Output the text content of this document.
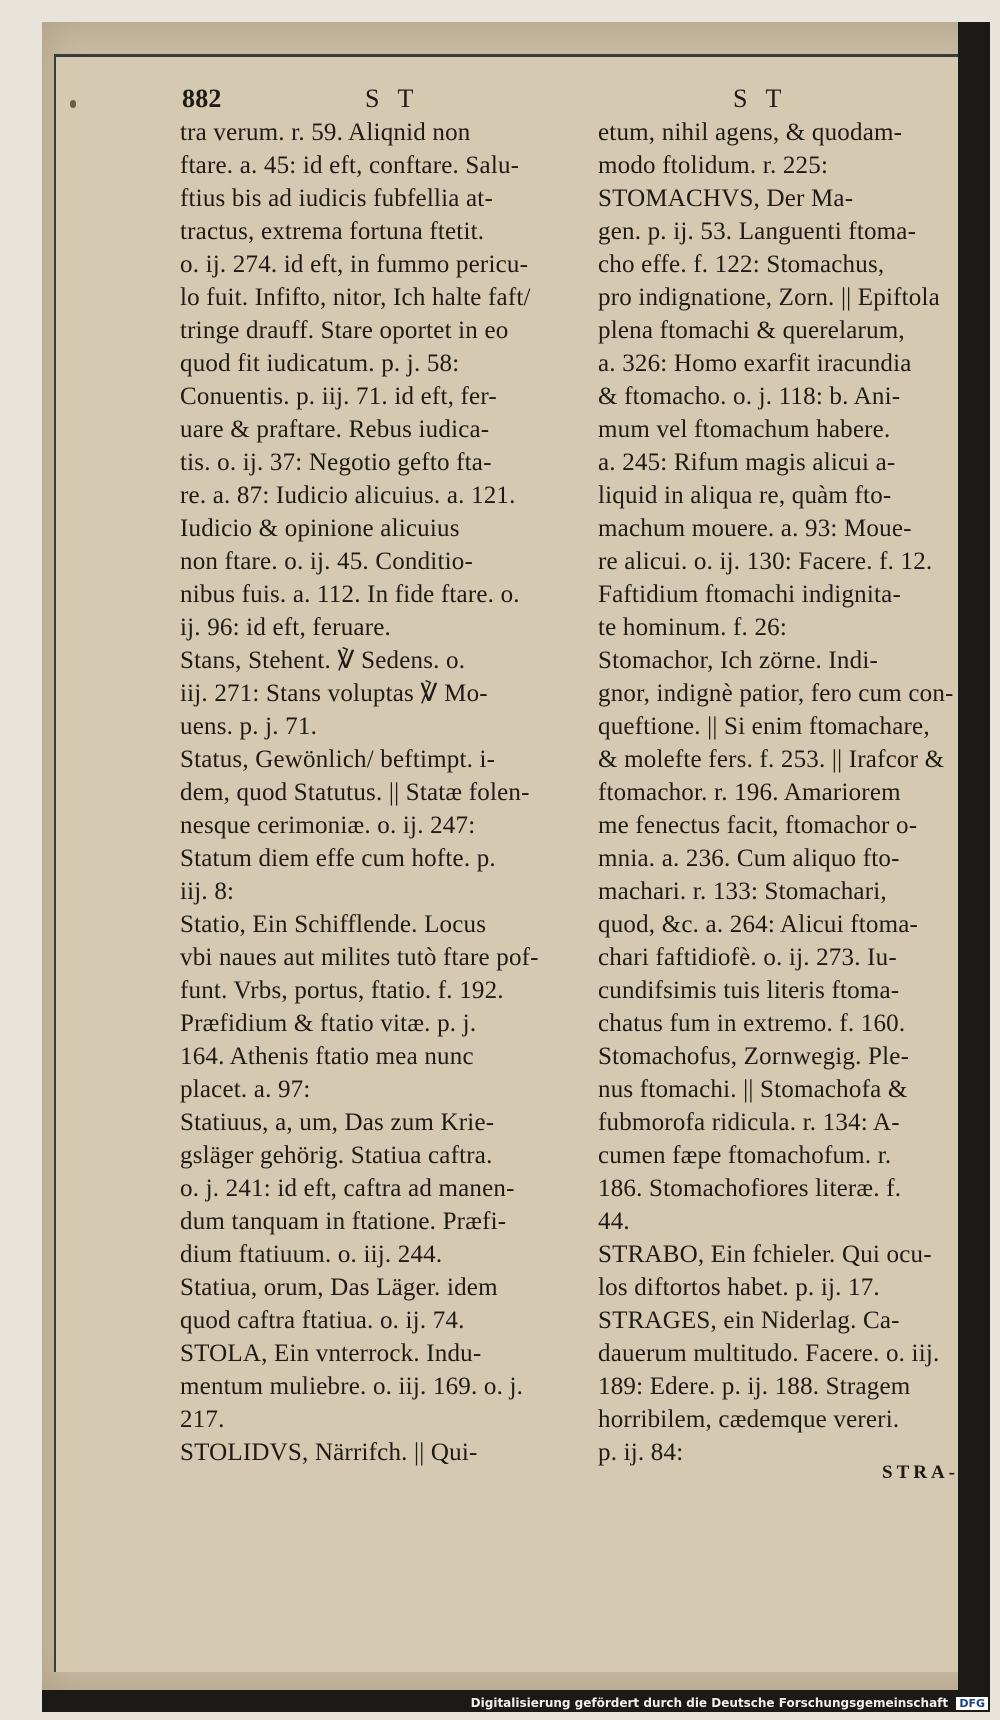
882	S T	S T
tra verum. r. 59. Aliqnid non
ftare. a. 45: id eft, conftare. Salu-
ftius bis ad iudicis fubfellia at-
tractus, extrema fortuna ftetit.
o. ij. 274. id eft, in fummo pericu-
lo fuit. Infifto, nitor, Ich halte faft/
tringe drauff. Stare oportet in eo
quod fit iudicatum. p. j. 58:
Conuentis. p. iij. 71. id eft, fer-
uare & praftare. Rebus iudica-
tis. o. ij. 37: Negotio gefto fta-
re. a. 87: Iudicio alicuius. a. 121.
Iudicio & opinione alicuius
non ftare. o. ij. 45. Conditio-
nibus fuis. a. 112. In fide ftare. o.
ij. 96: id eft, feruare.
Stans, Stehent. ℣ Sedens. o.
iij. 271: Stans voluptas ℣ Mo-
uens. p. j. 71.
Status, Gewönlich/ beftimpt. i-
dem, quod Statutus. || Statæ folen-
nesque cerimoniæ. o. ij. 247:
Statum diem effe cum hofte. p.
iij. 8:
Statio, Ein Schifflende. Locus
vbi naues aut milites tutò ftare pof-
funt. Vrbs, portus, ftatio. f. 192.
Præfidium & ftatio vitæ. p. j.
164. Athenis ftatio mea nunc
placet. a. 97:
Statiuus, a, um, Das zum Krie-
gsläger gehörig. Statiua caftra.
o. j. 241: id eft, caftra ad manen-
dum tanquam in ftatione. Præfi-
dium ftatiuum. o. iij. 244.
Statiua, orum, Das Läger. idem
quod caftra ftatiua. o. ij. 74.
STOLA, Ein vnterrock. Indu-
mentum muliebre. o. iij. 169. o. j.
217.
STOLIDVS, Närrifch. || Qui-
etum, nihil agens, & quodam-
modo ftolidum. r. 225:
STOMACHVS, Der Ma-
gen. p. ij. 53. Languenti ftoma-
cho effe. f. 122: Stomachus,
pro indignatione, Zorn. || Epiftola
plena ftomachi & querelarum,
a. 326: Homo exarfit iracundia
& ftomacho. o. j. 118: b. Ani-
mum vel ftomachum habere.
a. 245: Rifum magis alicui a-
liquid in aliqua re, quàm fto-
machum mouere. a. 93: Moue-
re alicui. o. ij. 130: Facere. f. 12.
Faftidium ftomachi indignita-
te hominum. f. 26:
Stomachor, Ich zörne. Indi-
gnor, indignè patior, fero cum con-
queftione. || Si enim ftomachare,
& molefte fers. f. 253. || Irafcor &
ftomachor. r. 196. Amariorem
me fenectus facit, ftomachor o-
mnia. a. 236. Cum aliquo fto-
machari. r. 133: Stomachari,
quod, &c. a. 264: Alicui ftoma-
chari faftidiofè. o. ij. 273. Iu-
cundifsimis tuis literis ftoma-
chatus fum in extremo. f. 160.
Stomachofus, Zornwegig. Ple-
nus ftomachi. || Stomachofa &
fubmorofa ridicula. r. 134: A-
cumen fæpe ftomachofum. r.
186. Stomachofiores literæ. f.
44.
STRABO, Ein fchieler. Qui ocu-
los diftortos habet. p. ij. 17.
STRAGES, ein Niderlag. Ca-
dauerum multitudo. Facere. o. iij.
189: Edere. p. ij. 188. Stragem
horribilem, cædemque vereri.
p. ij. 84:
STRA-
Digitalisierung gefördert durch die Deutsche Forschungsgemeinschaft DFG
